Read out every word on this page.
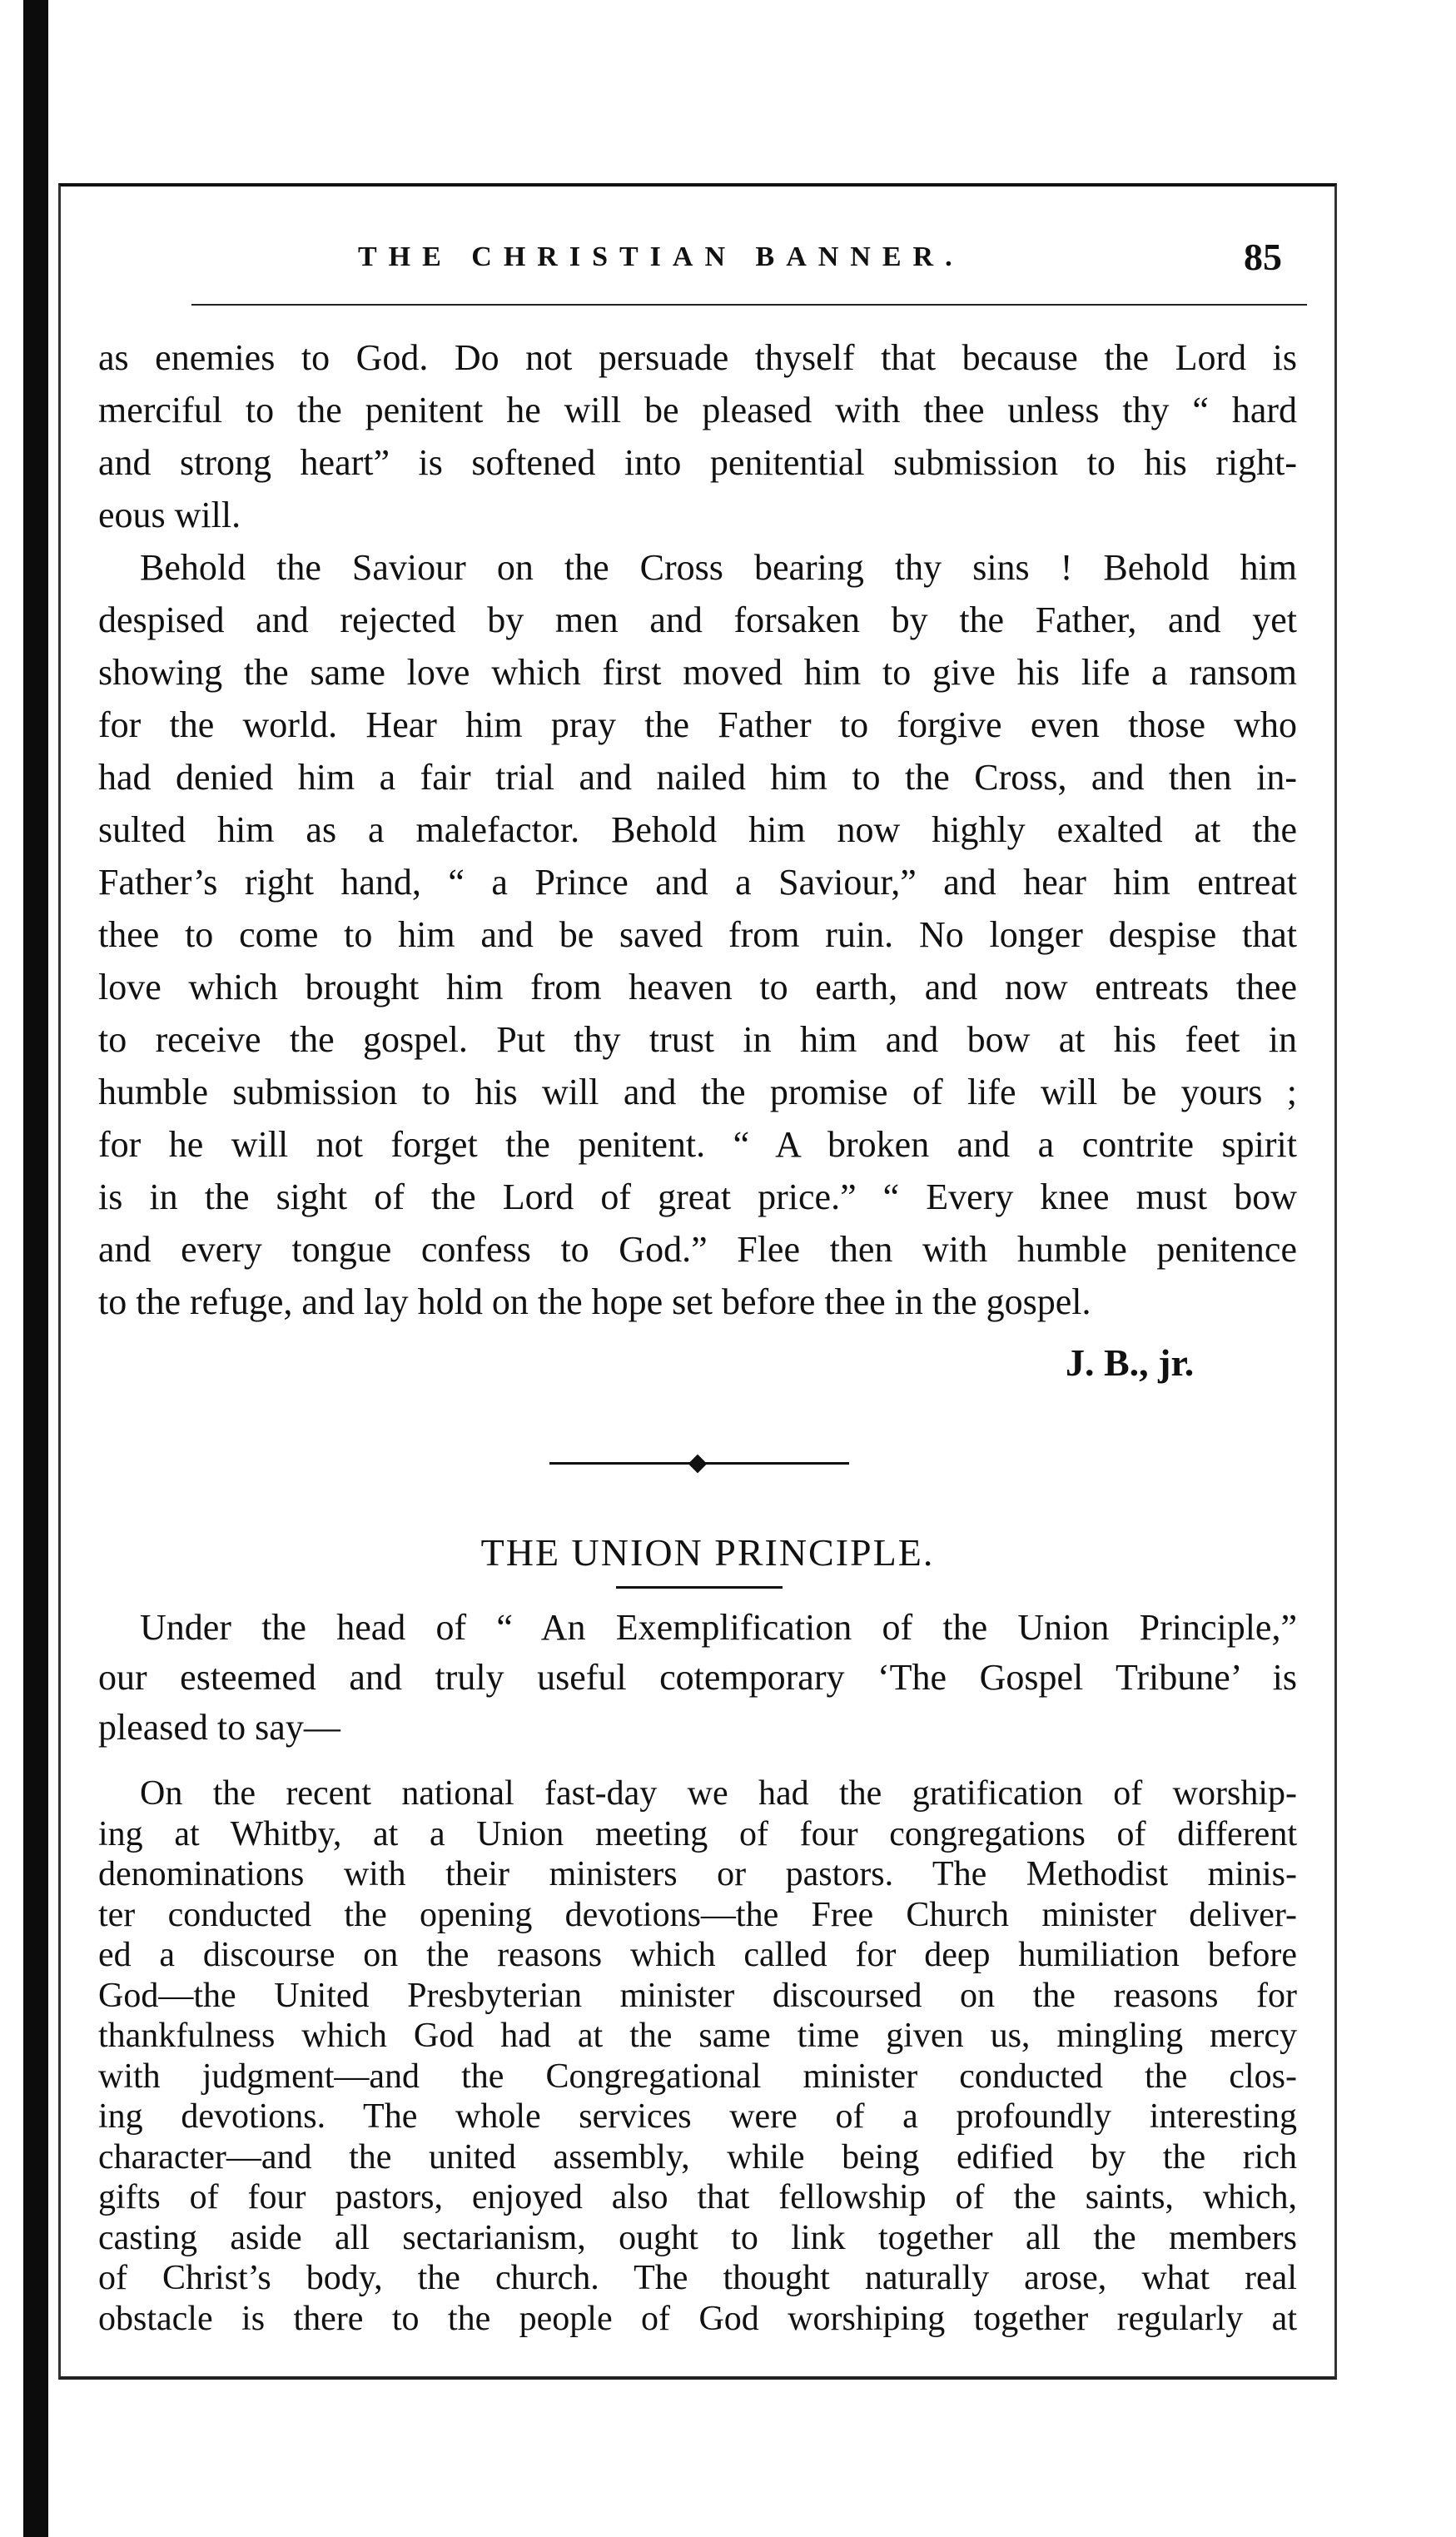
THE CHRISTIAN BANNER.	85
as enemies to God. Do not persuade thyself that because the Lord is
merciful to the penitent he will be pleased with thee unless thy “ hard
and strong heart” is softened into penitential submission to his right-
eous will.
Behold the Saviour on the Cross bearing thy sins ! Behold him
despised and rejected by men and forsaken by the Father, and yet
showing the same love which first moved him to give his life a ransom
for the world. Hear him pray the Father to forgive even those who
had denied him a fair trial and nailed him to the Cross, and then in-
sulted him as a malefactor. Behold him now highly exalted at the
Father’s right hand, “ a Prince and a Saviour,” and hear him entreat
thee to come to him and be saved from ruin. No longer despise that
love which brought him from heaven to earth, and now entreats thee
to receive the gospel. Put thy trust in him and bow at his feet in
humble submission to his will and the promise of life will be yours ;
for he will not forget the penitent. “ A broken and a contrite spirit
is in the sight of the Lord of great price.” “ Every knee must bow
and every tongue confess to God.” Flee then with humble penitence
to the refuge, and lay hold on the hope set before thee in the gospel.
J. B., jr.
THE UNION PRINCIPLE.
Under the head of “ An Exemplification of the Union Principle,”
our esteemed and truly useful cotemporary ‘The Gospel Tribune’ is
pleased to say—
On the recent national fast-day we had the gratification of worship-
ing at Whitby, at a Union meeting of four congregations of different
denominations with their ministers or pastors. The Methodist minis-
ter conducted the opening devotions—the Free Church minister deliver-
ed a discourse on the reasons which called for deep humiliation before
God—the United Presbyterian minister discoursed on the reasons for
thankfulness which God had at the same time given us, mingling mercy
with judgment—and the Congregational minister conducted the clos-
ing devotions. The whole services were of a profoundly interesting
character—and the united assembly, while being edified by the rich
gifts of four pastors, enjoyed also that fellowship of the saints, which,
casting aside all sectarianism, ought to link together all the members
of Christ’s body, the church. The thought naturally arose, what real
obstacle is there to the people of God worshiping together regularly at
